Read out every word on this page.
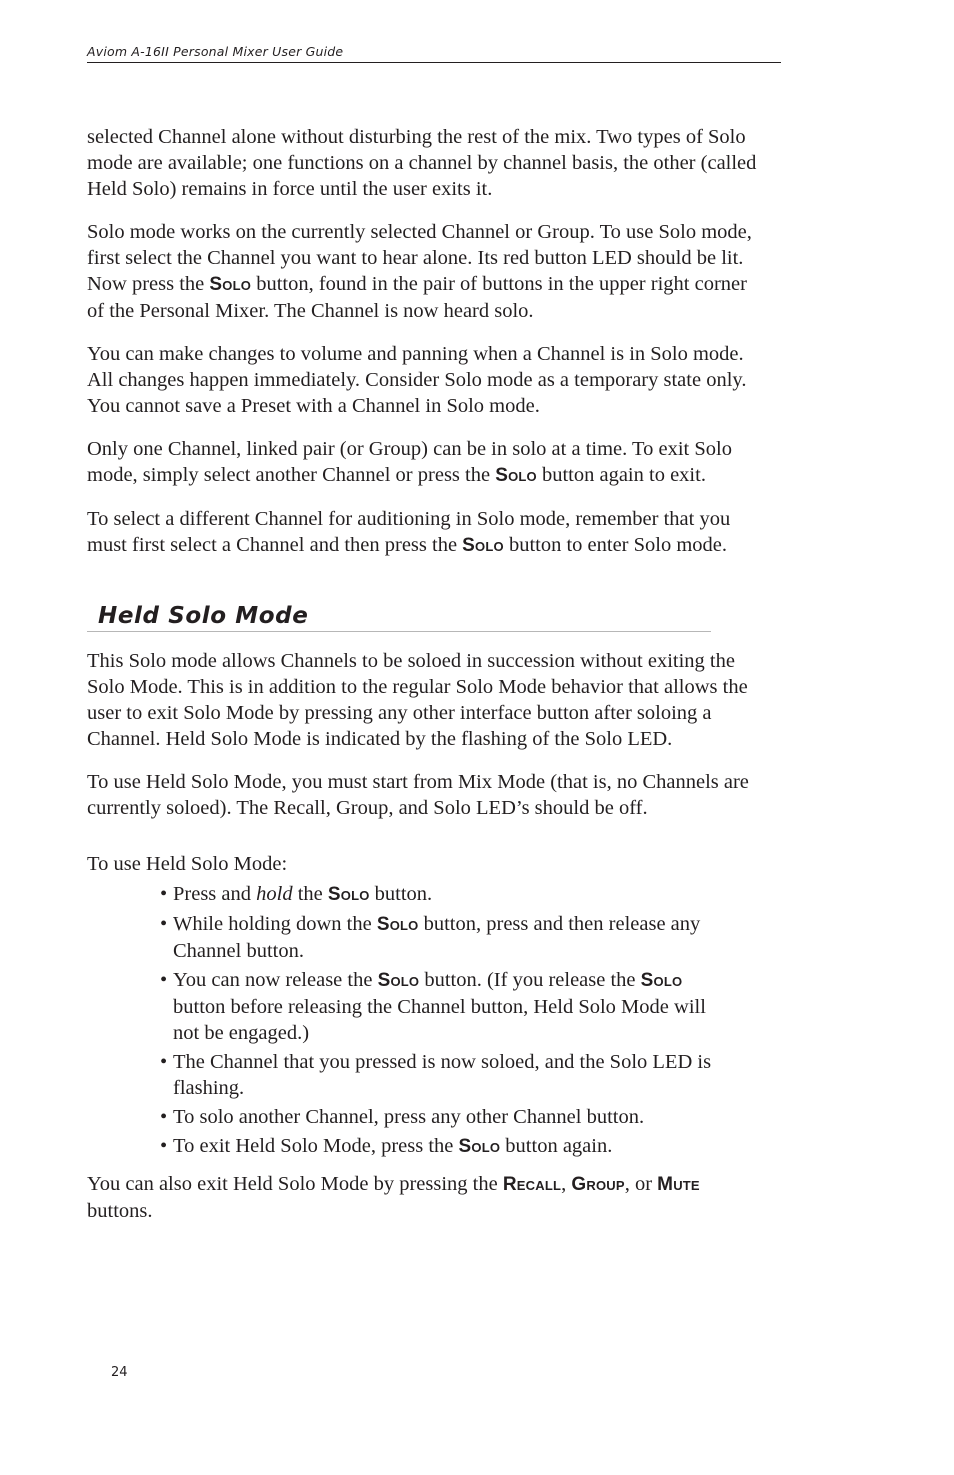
Aviom A-16II Personal Mixer User Guide

selected Channel alone without disturbing the rest of the mix. Two types of Solo mode are available; one functions on a channel by channel basis, the other (called Held Solo) remains in force until the user exits it.

Solo mode works on the currently selected Channel or Group. To use Solo mode, first select the Channel you want to hear alone. Its red button LED should be lit. Now press the Solo button, found in the pair of buttons in the upper right corner of the Personal Mixer. The Channel is now heard solo.

You can make changes to volume and panning when a Channel is in Solo mode. All changes happen immediately. Consider Solo mode as a temporary state only. You cannot save a Preset with a Channel in Solo mode.

Only one Channel, linked pair (or Group) can be in solo at a time. To exit Solo mode, simply select another Channel or press the Solo button again to exit.

To select a different Channel for auditioning in Solo mode, remember that you must first select a Channel and then press the Solo button to enter Solo mode.

Held Solo Mode

This Solo mode allows Channels to be soloed in succession without exiting the Solo Mode. This is in addition to the regular Solo Mode behavior that allows the user to exit Solo Mode by pressing any other interface button after soloing a Channel. Held Solo Mode is indicated by the flashing of the Solo LED.

To use Held Solo Mode, you must start from Mix Mode (that is, no Channels are currently soloed). The Recall, Group, and Solo LED’s should be off.

To use Held Solo Mode:

• Press and hold the Solo button.
• While holding down the Solo button, press and then release any Channel button.
• You can now release the Solo button. (If you release the Solo button before releasing the Channel button, Held Solo Mode will not be engaged.)
• The Channel that you pressed is now soloed, and the Solo LED is flashing.
• To solo another Channel, press any other Channel button.
• To exit Held Solo Mode, press the Solo button again.

You can also exit Held Solo Mode by pressing the Recall, Group, or Mute buttons.

24
